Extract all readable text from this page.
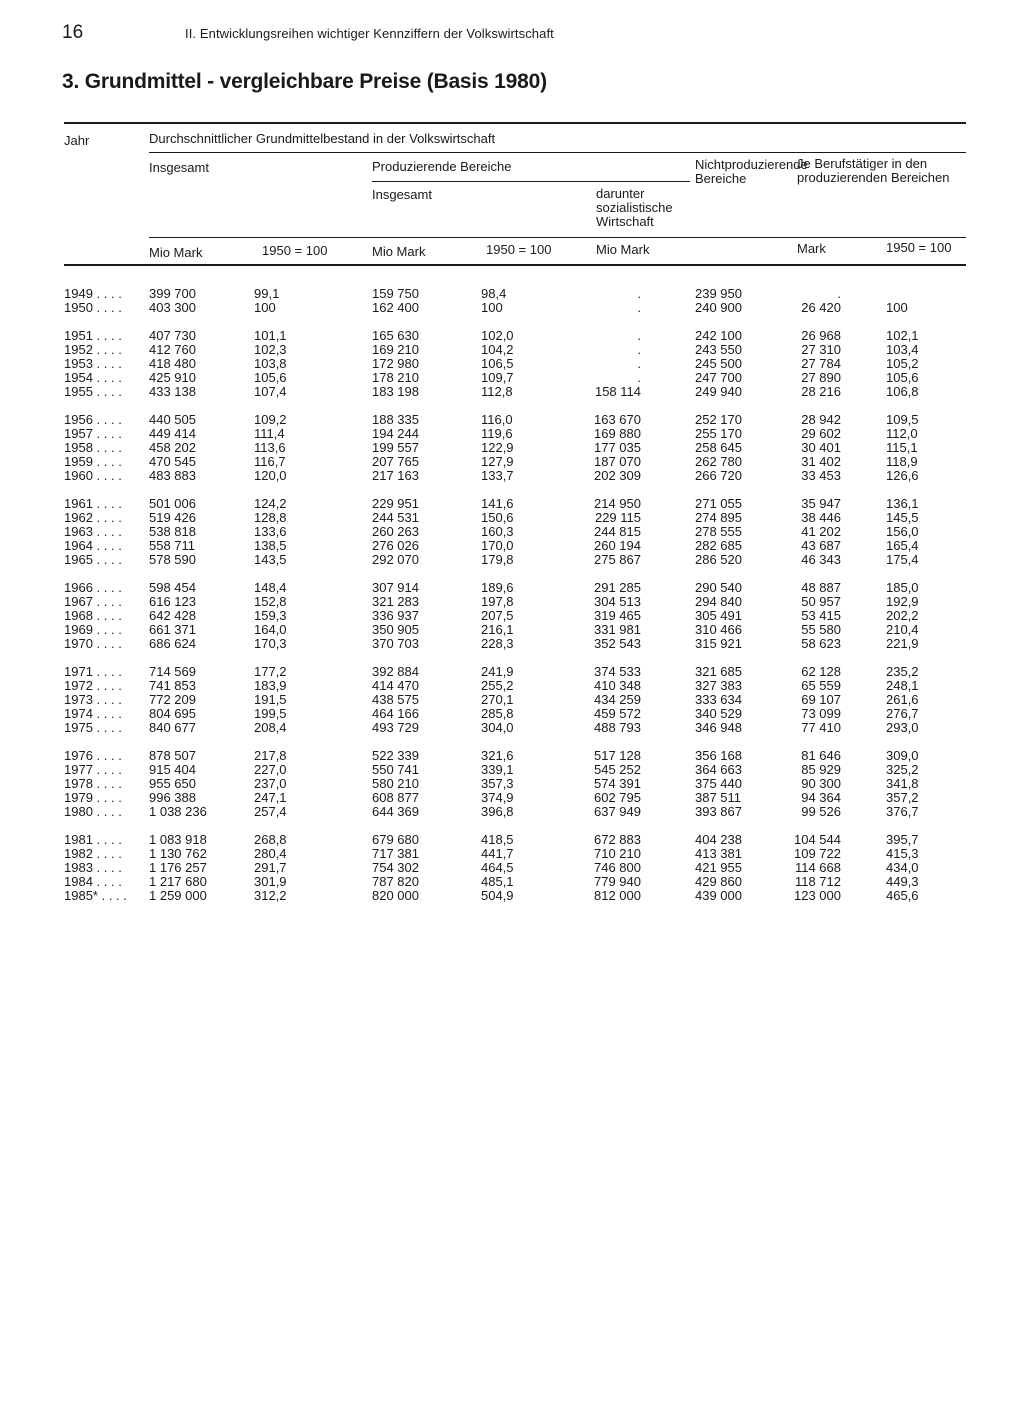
16	II. Entwicklungsreihen wichtiger Kennziffern der Volkswirtschaft
3. Grundmittel - vergleichbare Preise (Basis 1980)
Jahr	Durchschnittlicher Grundmittelbestand in der Volkswirtschaft
Insgesamt	Produzierende Bereiche
Insgesamt	darunter sozialistische Wirtschaft
Nichtproduzierende Bereiche
Je Berufstätiger in den produzierenden Bereichen
Mio Mark	1950 = 100	Mio Mark	1950 = 100	Mio Mark	Mark	1950 = 100
1949 . . . . 399 700	99,1	159 750	98,4	.	239 950	.
1950 . . . . 403 300	100	162 400	100	.	240 900	26 420	100
1951 . . . . 407 730	101,1	165 630	102,0	.	242 100	26 968	102,1
1952 . . . . 412 760	102,3	169 210	104,2	.	243 550	27 310	103,4
1953 . . . . 418 480	103,8	172 980	106,5	.	245 500	27 784	105,2
1954 . . . . 425 910	105,6	178 210	109,7	.	247 700	27 890	105,6
1955 . . . . 433 138	107,4	183 198	112,8	158 114	249 940	28 216	106,8
1956 . . . . 440 505	109,2	188 335	116,0	163 670	252 170	28 942	109,5
1957 . . . . 449 414	111,4	194 244	119,6	169 880	255 170	29 602	112,0
1958 . . . . 458 202	113,6	199 557	122,9	177 035	258 645	30 401	115,1
1959 . . . . 470 545	116,7	207 765	127,9	187 070	262 780	31 402	118,9
1960 . . . . 483 883	120,0	217 163	133,7	202 309	266 720	33 453	126,6
1961 . . . . 501 006	124,2	229 951	141,6	214 950	271 055	35 947	136,1
1962 . . . . 519 426	128,8	244 531	150,6	229 115	274 895	38 446	145,5
1963 . . . . 538 818	133,6	260 263	160,3	244 815	278 555	41 202	156,0
1964 . . . . 558 711	138,5	276 026	170,0	260 194	282 685	43 687	165,4
1965 . . . . 578 590	143,5	292 070	179,8	275 867	286 520	46 343	175,4
1966 . . . . 598 454	148,4	307 914	189,6	291 285	290 540	48 887	185,0
1967 . . . . 616 123	152,8	321 283	197,8	304 513	294 840	50 957	192,9
1968 . . . . 642 428	159,3	336 937	207,5	319 465	305 491	53 415	202,2
1969 . . . . 661 371	164,0	350 905	216,1	331 981	310 466	55 580	210,4
1970 . . . . 686 624	170,3	370 703	228,3	352 543	315 921	58 623	221,9
1971 . . . . 714 569	177,2	392 884	241,9	374 533	321 685	62 128	235,2
1972 . . . . 741 853	183,9	414 470	255,2	410 348	327 383	65 559	248,1
1973 . . . . 772 209	191,5	438 575	270,1	434 259	333 634	69 107	261,6
1974 . . . . 804 695	199,5	464 166	285,8	459 572	340 529	73 099	276,7
1975 . . . . 840 677	208,4	493 729	304,0	488 793	346 948	77 410	293,0
1976 . . . . 878 507	217,8	522 339	321,6	517 128	356 168	81 646	309,0
1977 . . . . 915 404	227,0	550 741	339,1	545 252	364 663	85 929	325,2
1978 . . . . 955 650	237,0	580 210	357,3	574 391	375 440	90 300	341,8
1979 . . . . 996 388	247,1	608 877	374,9	602 795	387 511	94 364	357,2
1980 . . . . 1 038 236	257,4	644 369	396,8	637 949	393 867	99 526	376,7
1981 . . . . 1 083 918	268,8	679 680	418,5	672 883	404 238	104 544	395,7
1982 . . . . 1 130 762	280,4	717 381	441,7	710 210	413 381	109 722	415,3
1983 . . . . 1 176 257	291,7	754 302	464,5	746 800	421 955	114 668	434,0
1984 . . . . 1 217 680	301,9	787 820	485,1	779 940	429 860	118 712	449,3
1985* . . . . 1 259 000	312,2	820 000	504,9	812 000	439 000	123 000	465,6
